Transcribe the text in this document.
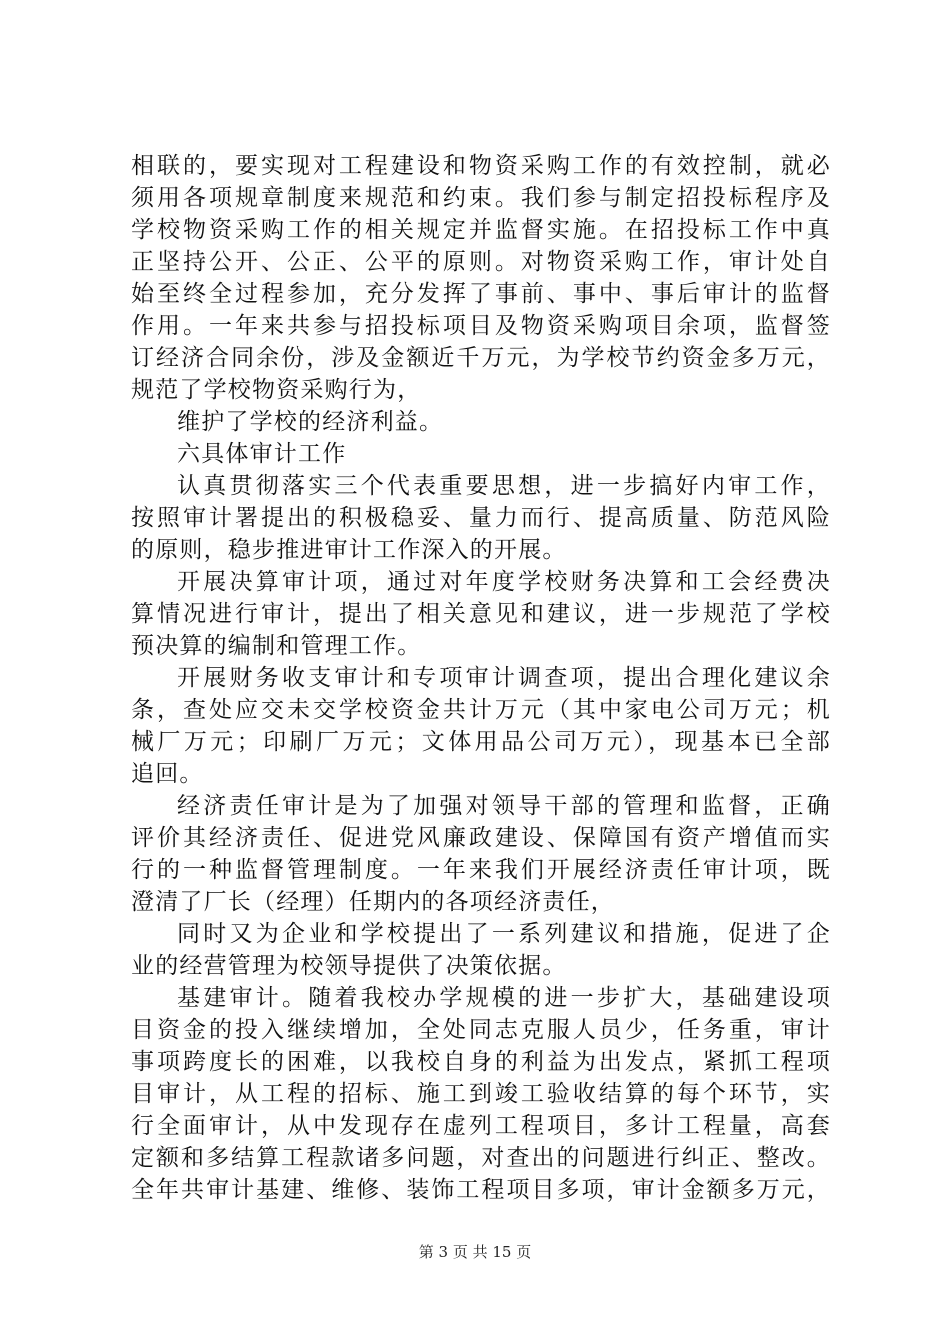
相联的，要实现对工程建设和物资采购工作的有效控制，就必
须用各项规章制度来规范和约束。我们参与制定招投标程序及
学校物资采购工作的相关规定并监督实施。在招投标工作中真
正坚持公开、公正、公平的原则。对物资采购工作，审计处自
始至终全过程参加，充分发挥了事前、事中、事后审计的监督
作用。一年来共参与招投标项目及物资采购项目余项，监督签
订经济合同余份，涉及金额近千万元，为学校节约资金多万元，
规范了学校物资采购行为，
维护了学校的经济利益。
六具体审计工作
认真贯彻落实三个代表重要思想，进一步搞好内审工作，
按照审计署提出的积极稳妥、量力而行、提高质量、防范风险
的原则，稳步推进审计工作深入的开展。
开展决算审计项，通过对年度学校财务决算和工会经费决
算情况进行审计，提出了相关意见和建议，进一步规范了学校
预决算的编制和管理工作。
开展财务收支审计和专项审计调查项，提出合理化建议余
条，查处应交未交学校资金共计万元（其中家电公司万元；机
械厂万元；印刷厂万元；文体用品公司万元），现基本已全部
追回。
经济责任审计是为了加强对领导干部的管理和监督，正确
评价其经济责任、促进党风廉政建设、保障国有资产增值而实
行的一种监督管理制度。一年来我们开展经济责任审计项，既
澄清了厂长（经理）任期内的各项经济责任，
同时又为企业和学校提出了一系列建议和措施，促进了企
业的经营管理为校领导提供了决策依据。
基建审计。随着我校办学规模的进一步扩大，基础建设项
目资金的投入继续增加，全处同志克服人员少，任务重，审计
事项跨度长的困难，以我校自身的利益为出发点，紧抓工程项
目审计，从工程的招标、施工到竣工验收结算的每个环节，实
行全面审计，从中发现存在虚列工程项目，多计工程量，高套
定额和多结算工程款诸多问题，对查出的问题进行纠正、整改。
全年共审计基建、维修、装饰工程项目多项，审计金额多万元，
第 3 页 共 15 页
